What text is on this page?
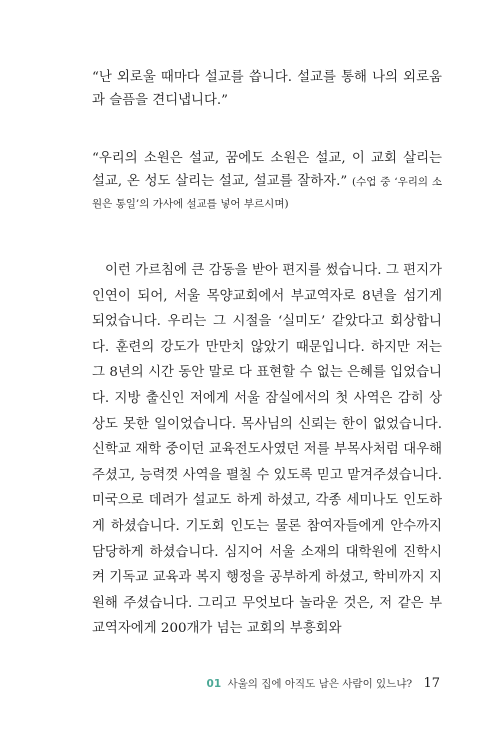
“난 외로울 때마다 설교를 씁니다. 설교를 통해 나의 외로움과 슬픔을 견디냅니다.”
“우리의 소원은 설교, 꿈에도 소원은 설교, 이 교회 살리는 설교, 온 성도 살리는 설교, 설교를 잘하자.” (수업 중 ‘우리의 소원은 통일’의 가사에 설교를 넣어 부르시며)
이런 가르침에 큰 감동을 받아 편지를 썼습니다. 그 편지가 인연이 되어, 서울 목양교회에서 부교역자로 8년을 섬기게 되었습니다. 우리는 그 시절을 ‘실미도’ 같았다고 회상합니다. 훈련의 강도가 만만치 않았기 때문입니다. 하지만 저는 그 8년의 시간 동안 말로 다 표현할 수 없는 은혜를 입었습니다. 지방 출신인 저에게 서울 잠실에서의 첫 사역은 감히 상상도 못한 일이었습니다. 목사님의 신뢰는 한이 없었습니다. 신학교 재학 중이던 교육전도사였던 저를 부목사처럼 대우해 주셨고, 능력껏 사역을 펼칠 수 있도록 믿고 맡겨주셨습니다. 미국으로 데려가 설교도 하게 하셨고, 각종 세미나도 인도하게 하셨습니다. 기도회 인도는 물론 참여자들에게 안수까지 담당하게 하셨습니다. 심지어 서울 소재의 대학원에 진학시켜 기독교 교육과 복지 행정을 공부하게 하셨고, 학비까지 지원해 주셨습니다. 그리고 무엇보다 놀라운 것은, 저 같은 부교역자에게 200개가 넘는 교회의 부흥회와
01 사울의 집에 아직도 남은 사람이 있느냐? 17
